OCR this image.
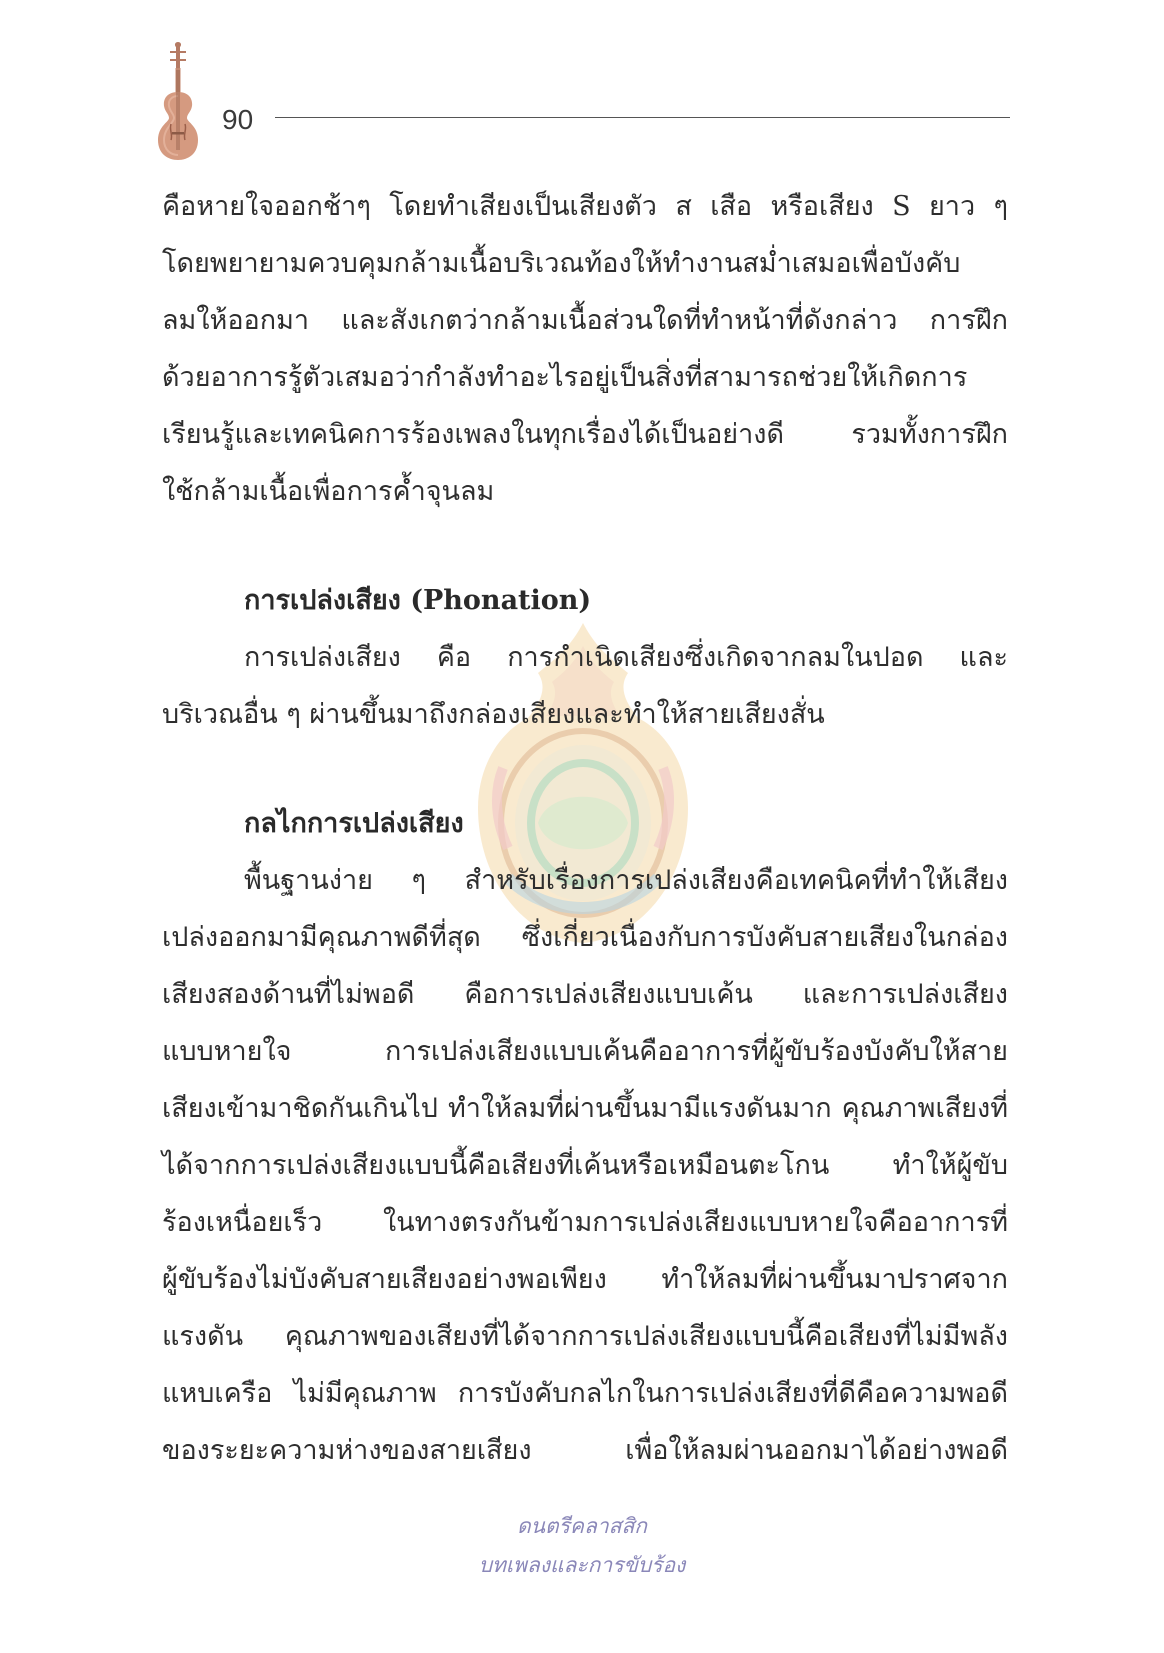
90

คือหายใจออกช้าๆ โดยทำเสียงเป็นเสียงตัว ส เสือ หรือเสียง S ยาว ๆ
โดยพยายามควบคุมกล้ามเนื้อบริเวณท้องให้ทำงานสม่ำเสมอเพื่อบังคับ
ลมให้ออกมา และสังเกตว่ากล้ามเนื้อส่วนใดที่ทำหน้าที่ดังกล่าว การฝึก
ด้วยอาการรู้ตัวเสมอว่ากำลังทำอะไรอยู่เป็นสิ่งที่สามารถช่วยให้เกิดการ
เรียนรู้และเทคนิคการร้องเพลงในทุกเรื่องได้เป็นอย่างดี รวมทั้งการฝึก
ใช้กล้ามเนื้อเพื่อการค้ำจุนลม

การเปล่งเสียง (Phonation)

การเปล่งเสียง คือ การกำเนิดเสียงซึ่งเกิดจากลมในปอด และ
บริเวณอื่น ๆ ผ่านขึ้นมาถึงกล่องเสียงและทำให้สายเสียงสั่น

กลไกการเปล่งเสียง

พื้นฐานง่าย ๆ สำหรับเรื่องการเปล่งเสียงคือเทคนิคที่ทำให้เสียง
เปล่งออกมามีคุณภาพดีที่สุด ซึ่งเกี่ยวเนื่องกับการบังคับสายเสียงในกล่อง
เสียงสองด้านที่ไม่พอดี คือการเปล่งเสียงแบบเค้น และการเปล่งเสียง
แบบหายใจ การเปล่งเสียงแบบเค้นคืออาการที่ผู้ขับร้องบังคับให้สาย
เสียงเข้ามาชิดกันเกินไป ทำให้ลมที่ผ่านขึ้นมามีแรงดันมาก คุณภาพเสียงที่
ได้จากการเปล่งเสียงแบบนี้คือเสียงที่เค้นหรือเหมือนตะโกน ทำให้ผู้ขับ
ร้องเหนื่อยเร็ว ในทางตรงกันข้ามการเปล่งเสียงแบบหายใจคืออาการที่
ผู้ขับร้องไม่บังคับสายเสียงอย่างพอเพียง ทำให้ลมที่ผ่านขึ้นมาปราศจาก
แรงดัน คุณภาพของเสียงที่ได้จากการเปล่งเสียงแบบนี้คือเสียงที่ไม่มีพลัง
แหบเครือ ไม่มีคุณภาพ การบังคับกลไกในการเปล่งเสียงที่ดีคือความพอดี
ของระยะความห่างของสายเสียง เพื่อให้ลมผ่านออกมาได้อย่างพอดี

ดนตรีคลาสสิก
บทเพลงและการขับร้อง
